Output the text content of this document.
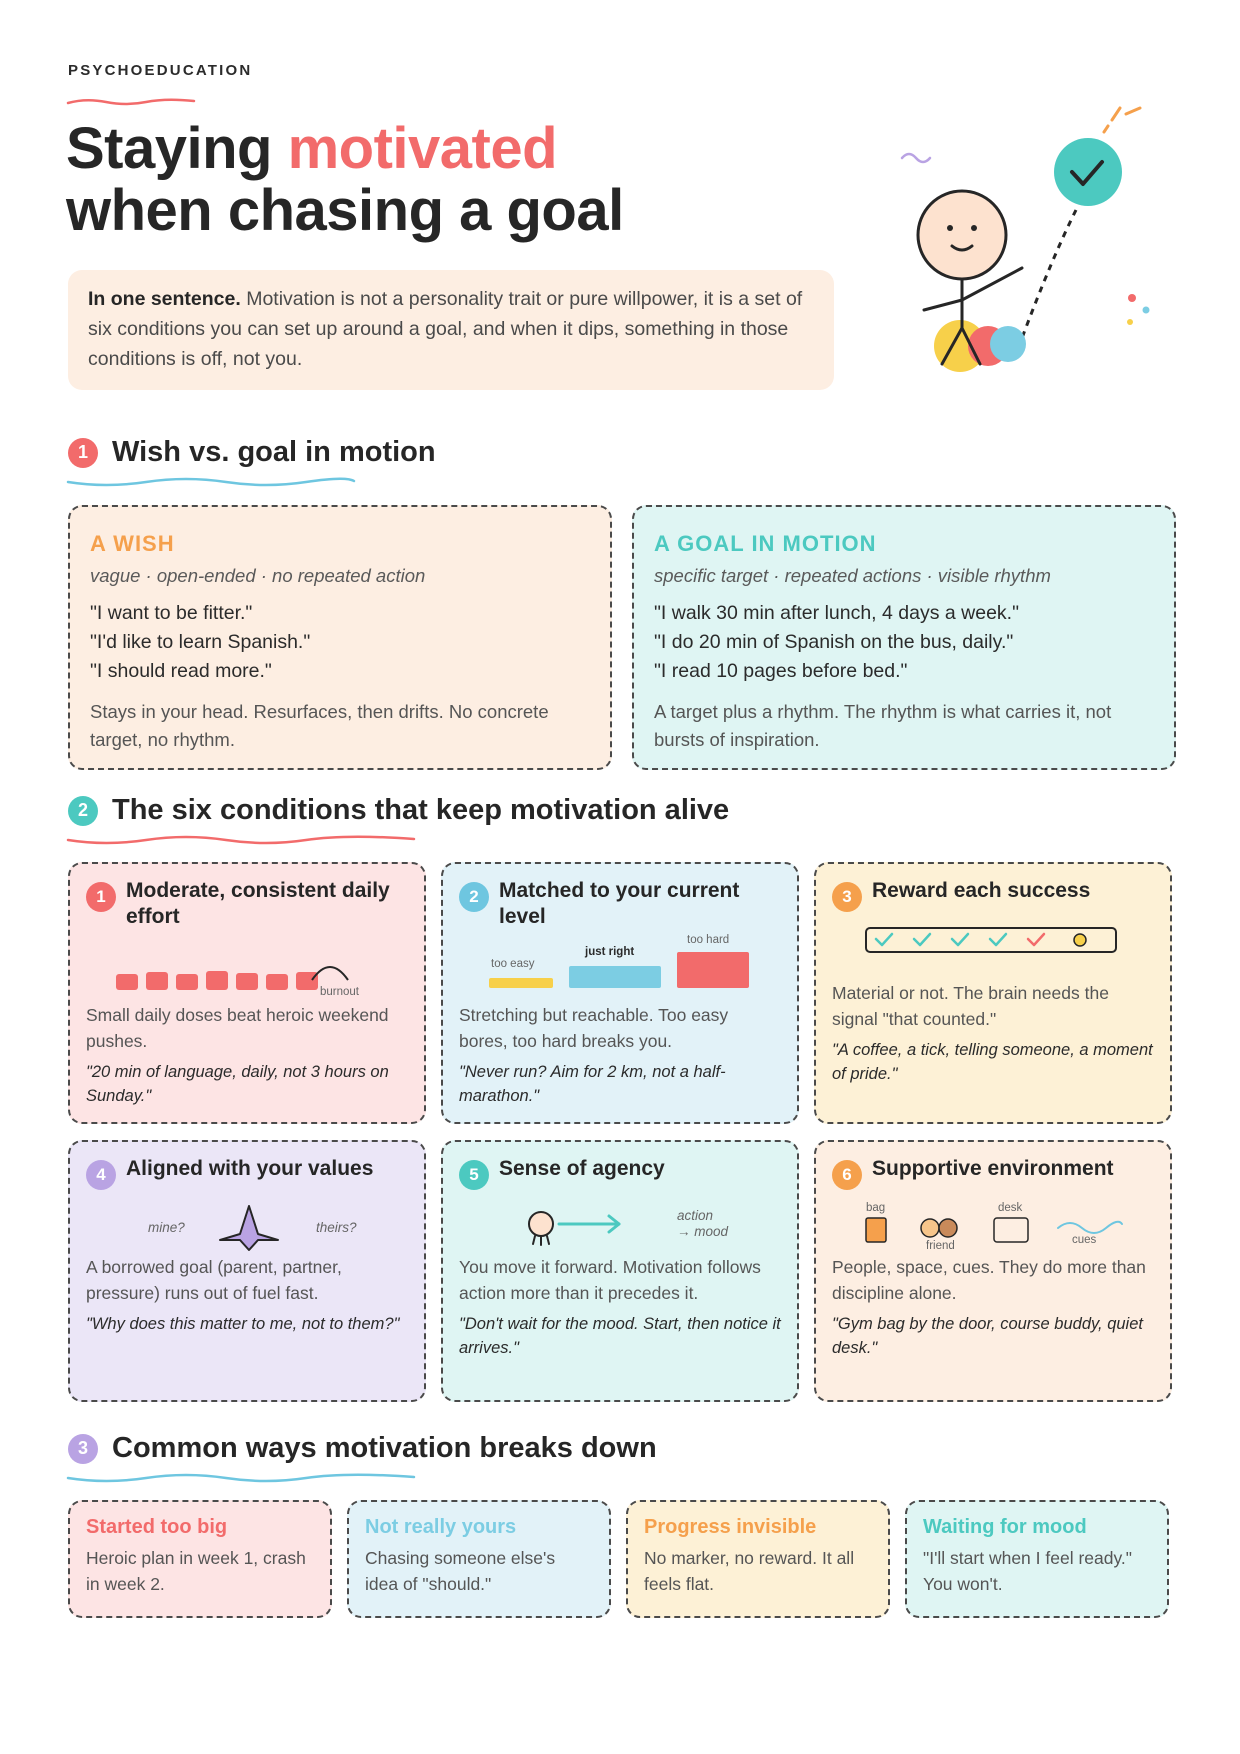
PSYCHOEDUCATION
Staying motivated
when chasing a goal
In one sentence. Motivation is not a personality trait or pure willpower, it is a set of six conditions you can set up around a goal, and when it dips, something in those conditions is off, not you.
1 Wish vs. goal in motion
A WISH
vague · open-ended · no repeated action
"I want to be fitter."
"I'd like to learn Spanish."
"I should read more."
Stays in your head. Resurfaces, then drifts. No concrete target, no rhythm.
A GOAL IN MOTION
specific target · repeated actions · visible rhythm
"I walk 30 min after lunch, 4 days a week."
"I do 20 min of Spanish on the bus, daily."
"I read 10 pages before bed."
A target plus a rhythm. The rhythm is what carries it, not bursts of inspiration.
2 The six conditions that keep motivation alive
1 Moderate, consistent daily effort
burnout
Small daily doses beat heroic weekend pushes.
"20 min of language, daily, not 3 hours on Sunday."
2 Matched to your current level
too easy
just right
too hard
Stretching but reachable. Too easy bores, too hard breaks you.
"Never run? Aim for 2 km, not a half-marathon."
3 Reward each success
Material or not. The brain needs the signal "that counted."
"A coffee, a tick, telling someone, a moment of pride."
4 Aligned with your values
mine?	theirs?
A borrowed goal (parent, partner, pressure) runs out of fuel fast.
"Why does this matter to me, not to them?"
5 Sense of agency
action
→ mood
You move it forward. Motivation follows action more than it precedes it.
"Don't wait for the mood. Start, then notice it arrives."
6 Supportive environment
bag
friend
desk
cues
People, space, cues. They do more than discipline alone.
"Gym bag by the door, course buddy, quiet desk."
3 Common ways motivation breaks down
Started too big
Heroic plan in week 1, crash in week 2.
Not really yours
Chasing someone else's idea of "should."
Progress invisible
No marker, no reward. It all feels flat.
Waiting for mood
"I'll start when I feel ready." You won't.
